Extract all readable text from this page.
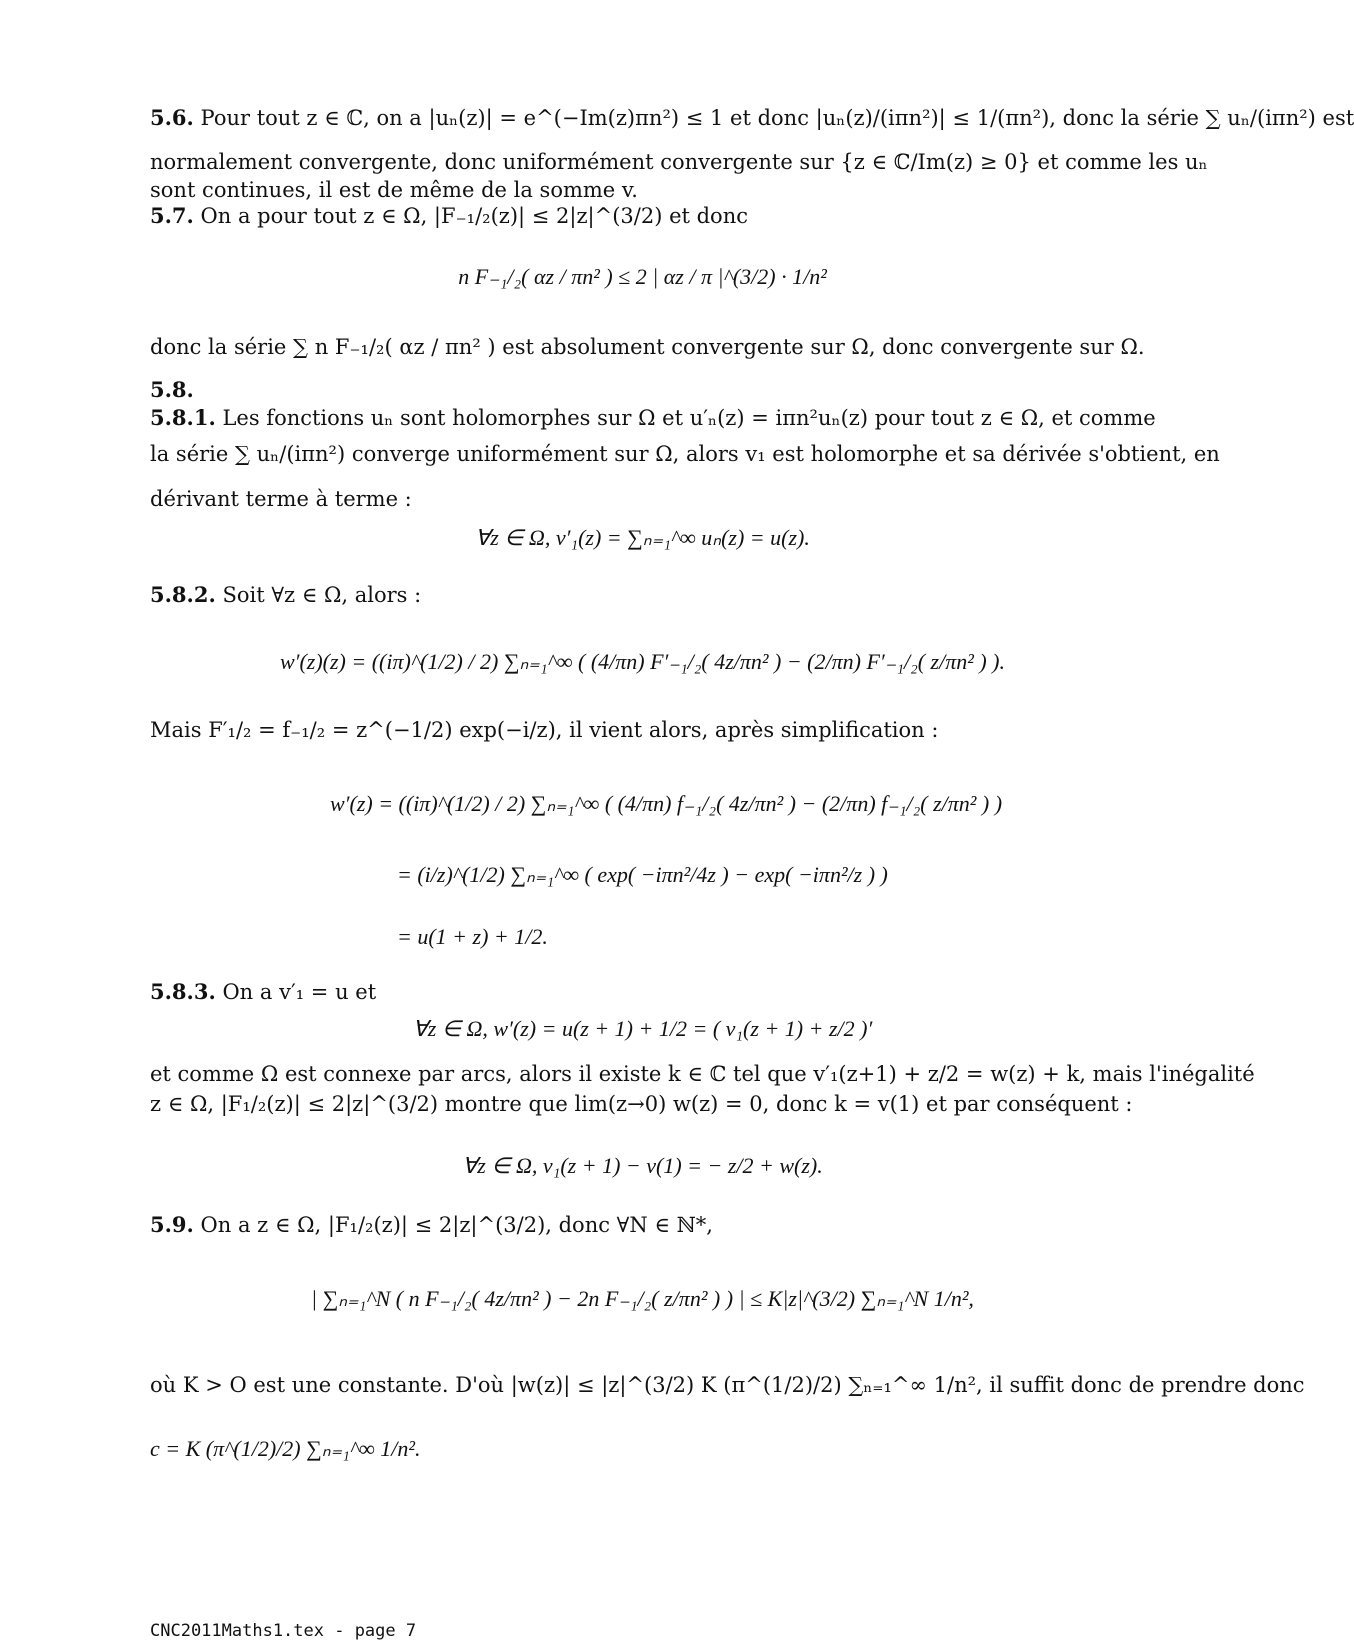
5.6. Pour tout z ∈ ℂ, on a |uₙ(z)| = e^(−Im(z)πn²) ≤ 1 et donc |uₙ(z)/(iπn²)| ≤ 1/(πn²), donc la série ∑ uₙ/(iπn²) est
normalement convergente, donc uniformément convergente sur {z ∈ ℂ/Im(z) ≥ 0} et comme les uₙ
sont continues, il est de même de la somme v.
5.7. On a pour tout z ∈ Ω, |F₋₁/₂(z)| ≤ 2|z|^(3/2) et donc
n F₋₁/₂( αz / πn² ) ≤ 2 | αz / π |^(3/2) · 1/n²
donc la série ∑ n F₋₁/₂( αz / πn² ) est absolument convergente sur Ω, donc convergente sur Ω.
5.8.
5.8.1. Les fonctions uₙ sont holomorphes sur Ω et u′ₙ(z) = iπn²uₙ(z) pour tout z ∈ Ω, et comme
la série ∑ uₙ/(iπn²) converge uniformément sur Ω, alors v₁ est holomorphe et sa dérivée s'obtient, en
dérivant terme à terme :
∀z ∈ Ω, v′₁(z) = ∑ₙ₌₁^∞ uₙ(z) = u(z).
5.8.2. Soit ∀z ∈ Ω, alors :
w′(z)(z) = ((iπ)^(1/2) / 2) ∑ₙ₌₁^∞ ( (4/πn) F′₋₁/₂( 4z/πn² ) − (2/πn) F′₋₁/₂( z/πn² ) ).
Mais F′₁/₂ = f₋₁/₂ = z^(−1/2) exp(−i/z), il vient alors, après simplification :
w′(z) = ((iπ)^(1/2) / 2) ∑ₙ₌₁^∞ ( (4/πn) f₋₁/₂( 4z/πn² ) − (2/πn) f₋₁/₂( z/πn² ) )
= (i/z)^(1/2) ∑ₙ₌₁^∞ ( exp( −iπn²/4z ) − exp( −iπn²/z ) )
= u(1 + z) + 1/2.
5.8.3. On a v′₁ = u et
∀z ∈ Ω, w′(z) = u(z + 1) + 1/2 = ( v₁(z + 1) + z/2 )′
et comme Ω est connexe par arcs, alors il existe k ∈ ℂ tel que v′₁(z+1) + z/2 = w(z) + k, mais l'inégalité
z ∈ Ω, |F₁/₂(z)| ≤ 2|z|^(3/2) montre que lim(z→0) w(z) = 0, donc k = v(1) et par conséquent :
∀z ∈ Ω, v₁(z + 1) − v(1) = − z/2 + w(z).
5.9. On a z ∈ Ω, |F₁/₂(z)| ≤ 2|z|^(3/2), donc ∀N ∈ ℕ*,
| ∑ₙ₌₁^N ( n F₋₁/₂( 4z/πn² ) − 2n F₋₁/₂( z/πn² ) ) | ≤ K|z|^(3/2) ∑ₙ₌₁^N 1/n²,
où K > O est une constante. D'où |w(z)| ≤ |z|^(3/2) K (π^(1/2)/2) ∑ₙ₌₁^∞ 1/n², il suffit donc de prendre donc
c = K (π^(1/2)/2) ∑ₙ₌₁^∞ 1/n².
CNC2011Maths1.tex - page 7
